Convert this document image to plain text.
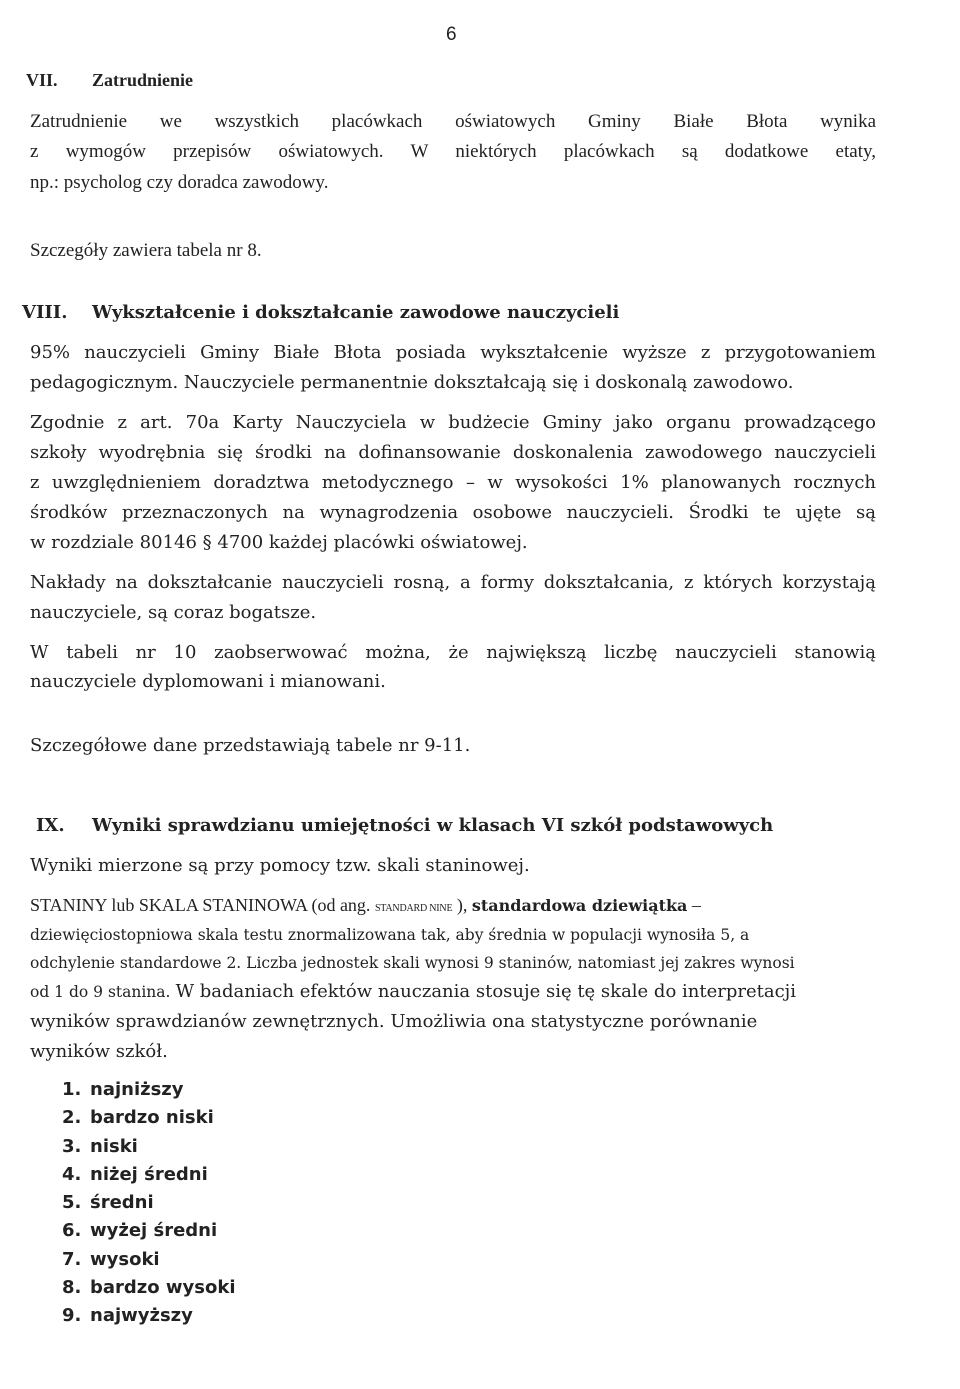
6
VII. Zatrudnienie
Zatrudnienie we wszystkich placówkach oświatowych Gminy Białe Błota wynika
z wymogów przepisów oświatowych. W niektórych placówkach są dodatkowe etaty,
np.: psycholog czy doradca zawodowy.
Szczegóły zawiera tabela nr 8.
VIII. Wykształcenie i dokształcanie zawodowe nauczycieli
95% nauczycieli Gminy Białe Błota posiada wykształcenie wyższe z przygotowaniem
pedagogicznym. Nauczyciele permanentnie dokształcają się i doskonalą zawodowo.
Zgodnie z art. 70a Karty Nauczyciela w budżecie Gminy jako organu prowadzącego
szkoły wyodrębnia się środki na dofinansowanie doskonalenia zawodowego nauczycieli
z uwzględnieniem doradztwa metodycznego – w wysokości 1% planowanych rocznych
środków przeznaczonych na wynagrodzenia osobowe nauczycieli. Środki te ujęte są
w rozdziale 80146 § 4700 każdej placówki oświatowej.
Nakłady na dokształcanie nauczycieli rosną, a formy dokształcania, z których korzystają
nauczyciele, są coraz bogatsze.
W tabeli nr 10 zaobserwować można, że największą liczbę nauczycieli stanowią
nauczyciele dyplomowani i mianowani.
Szczegółowe dane przedstawiają tabele nr 9-11.
IX. Wyniki sprawdzianu umiejętności w klasach VI szkół podstawowych
Wyniki mierzone są przy pomocy tzw. skali staninowej.
STANINY lub SKALA STANINOWA (od ang. STANDARD NINE ), standardowa dziewiątka –
dziewięciostopniowa skala testu znormalizowana tak, aby średnia w populacji wynosiła 5, a
odchylenie standardowe 2. Liczba jednostek skali wynosi 9 staninów, natomiast jej zakres wynosi
od 1 do 9 stanina. W badaniach efektów nauczania stosuje się tę skale do interpretacji
wyników sprawdzianów zewnętrznych. Umożliwia ona statystyczne porównanie
wyników szkół.
1. najniższy
2. bardzo niski
3. niski
4. niżej średni
5. średni
6. wyżej średni
7. wysoki
8. bardzo wysoki
9. najwyższy
